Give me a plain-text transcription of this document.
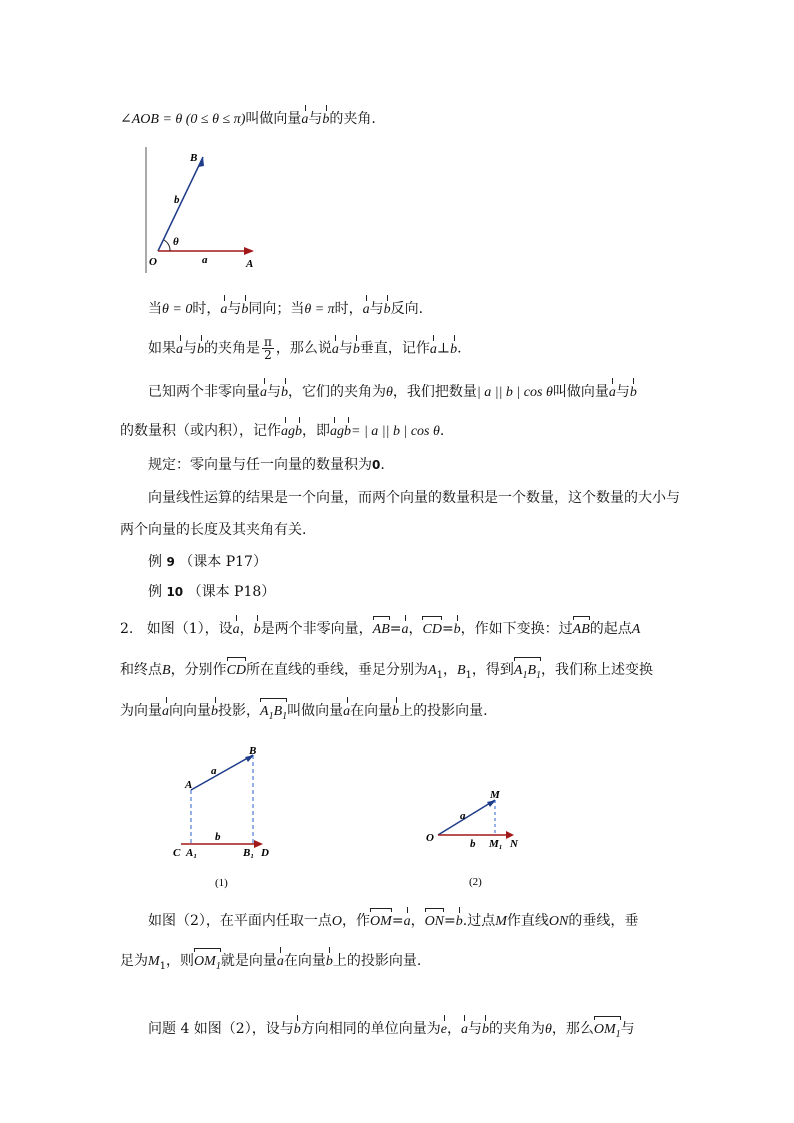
∠AOB = θ (0 ≤ θ ≤ π)叫做向量a与b的夹角.
B
b
θ
O	a	A
当θ = 0时，a与b同向；当θ = π时，a与b反向.
如果a与b的夹角是 $\frac{\pi}{2}$ ，那么说a与b垂直，记作a⊥b.
已知两个非零向量a与b，它们的夹角为θ，我们把数量| a || b | cos θ叫做向量a与b
的数量积（或内积），记作agb，即agb= | a || b | cos θ.
规定：零向量与任一向量的数量积为0.
向量线性运算的结果是一个向量，而两个向量的数量积是一个数量，这个数量的大小与
两个向量的长度及其夹角有关.
例 9 （课本 P17）
例 10 （课本 P18）
2. 如图（1），设a，b是两个非零向量，AB=a，CD=b，作如下变换：过AB的起点A
和终点B，分别作CD所在直线的垂线，垂足分别为$A_1$，$B_1$，得到$A_1B_1$，我们称上述变换
为向量a向向量b投影，$A_1B_1$叫做向量a在向量b上的投影向量.
B
a
A
b
C A₁	B₁ D
(1)
M
a
O	b M₁ N
(2)
如图（2），在平面内任取一点O，作OM=a，ON=b.过点M作直线ON的垂线，垂
足为$M_1$，则$OM_1$就是向量a在向量b上的投影向量.
问题 4 如图（2），设与b方向相同的单位向量为e，a与b的夹角为θ，那么$OM_1$与
